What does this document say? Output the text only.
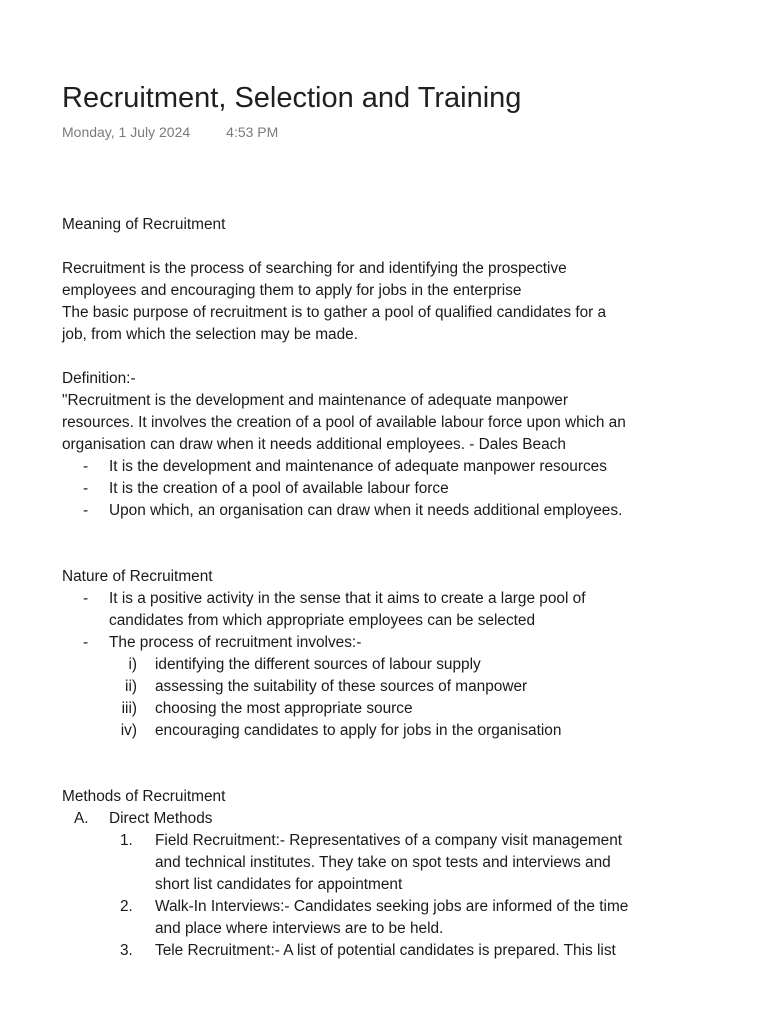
Recruitment, Selection and Training
Monday, 1 July 2024	4:53 PM

Meaning of Recruitment

Recruitment is the process of searching for and identifying the prospective

employees and encouraging them to apply for jobs in the enterprise

The basic purpose of recruitment is to gather a pool of qualified candidates for a

job, from which the selection may be made.

Definition:-

"Recruitment is the development and maintenance of adequate manpower

resources. It involves the creation of a pool of available labour force upon which an

organisation can draw when it needs additional employees. - Dales Beach

-	It is the development and maintenance of adequate manpower resources
-	It is the creation of a pool of available labour force
-	Upon which, an organisation can draw when it needs additional employees.

Nature of Recruitment

-	It is a positive activity in the sense that it aims to create a large pool of

candidates from which appropriate employees can be selected

-	The process of recruitment involves:-
i) identifying the different sources of labour supply
ii) assessing the suitability of these sources of manpower
iii) choosing the most appropriate source
iv) encouraging candidates to apply for jobs in the organisation

Methods of Recruitment

A. Direct Methods
1. Field Recruitment:- Representatives of a company visit management

and technical institutes. They take on spot tests and interviews and

short list candidates for appointment

2. Walk-In Interviews:- Candidates seeking jobs are informed of the time

and place where interviews are to be held.

3. Tele Recruitment:- A list of potential candidates is prepared. This list
